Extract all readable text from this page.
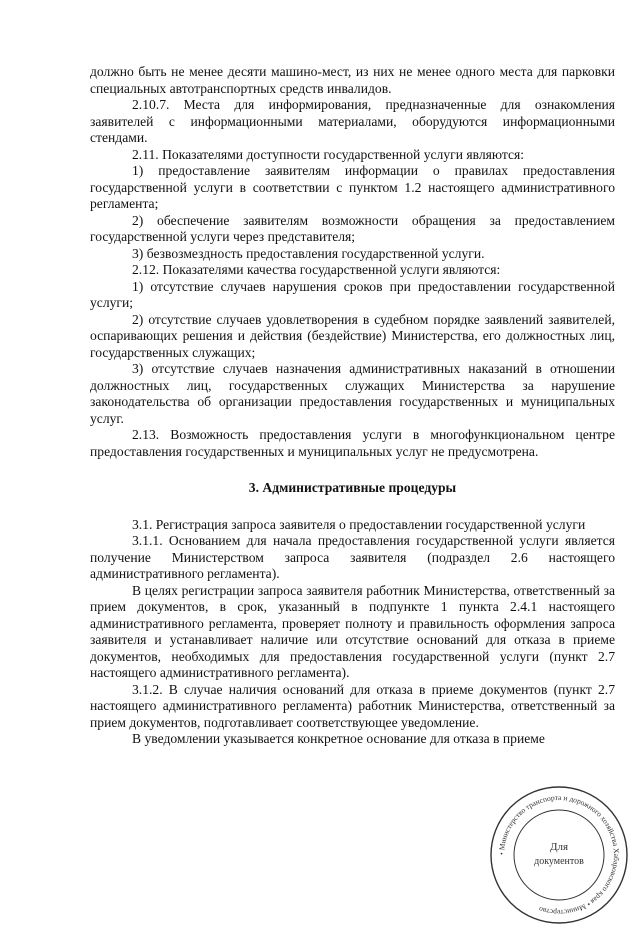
должно быть не менее десяти машино-мест, из них не менее одного места для парковки специальных автотранспортных средств инвалидов.

2.10.7. Места для информирования, предназначенные для ознакомления заявителей с информационными материалами, оборудуются информационными стендами.

2.11. Показателями доступности государственной услуги являются:

1) предоставление заявителям информации о правилах предоставления государственной услуги в соответствии с пунктом 1.2 настоящего административного регламента;

2) обеспечение заявителям возможности обращения за предоставлением государственной услуги через представителя;

3) безвозмездность предоставления государственной услуги.

2.12. Показателями качества государственной услуги являются:

1) отсутствие случаев нарушения сроков при предоставлении государственной услуги;

2) отсутствие случаев удовлетворения в судебном порядке заявлений заявителей, оспаривающих решения и действия (бездействие) Министерства, его должностных лиц, государственных служащих;

3) отсутствие случаев назначения административных наказаний в отношении должностных лиц, государственных служащих Министерства за нарушение законодательства об организации предоставления государственных и муниципальных услуг.

2.13. Возможность предоставления услуги в многофункциональном центре предоставления государственных и муниципальных услуг не предусмотрена.

3. Административные процедуры

3.1. Регистрация запроса заявителя о предоставлении государственной услуги

3.1.1. Основанием для начала предоставления государственной услуги является получение Министерством запроса заявителя (подраздел 2.6 настоящего административного регламента).

В целях регистрации запроса заявителя работник Министерства, ответственный за прием документов, в срок, указанный в подпункте 1 пункта 2.4.1 настоящего административного регламента, проверяет полноту и правильность оформления запроса заявителя и устанавливает наличие или отсутствие оснований для отказа в приеме документов, необходимых для предоставления государственной услуги (пункт 2.7 настоящего административного регламента).

3.1.2. В случае наличия оснований для отказа в приеме документов (пункт 2.7 настоящего административного регламента) работник Министерства, ответственный за прием документов, подготавливает соответствующее уведомление.

В уведомлении указывается конкретное основание для отказа в приеме

• Министерство транспорта и дорожного хозяйства Хабаровского края • Министерство
Для
документов
